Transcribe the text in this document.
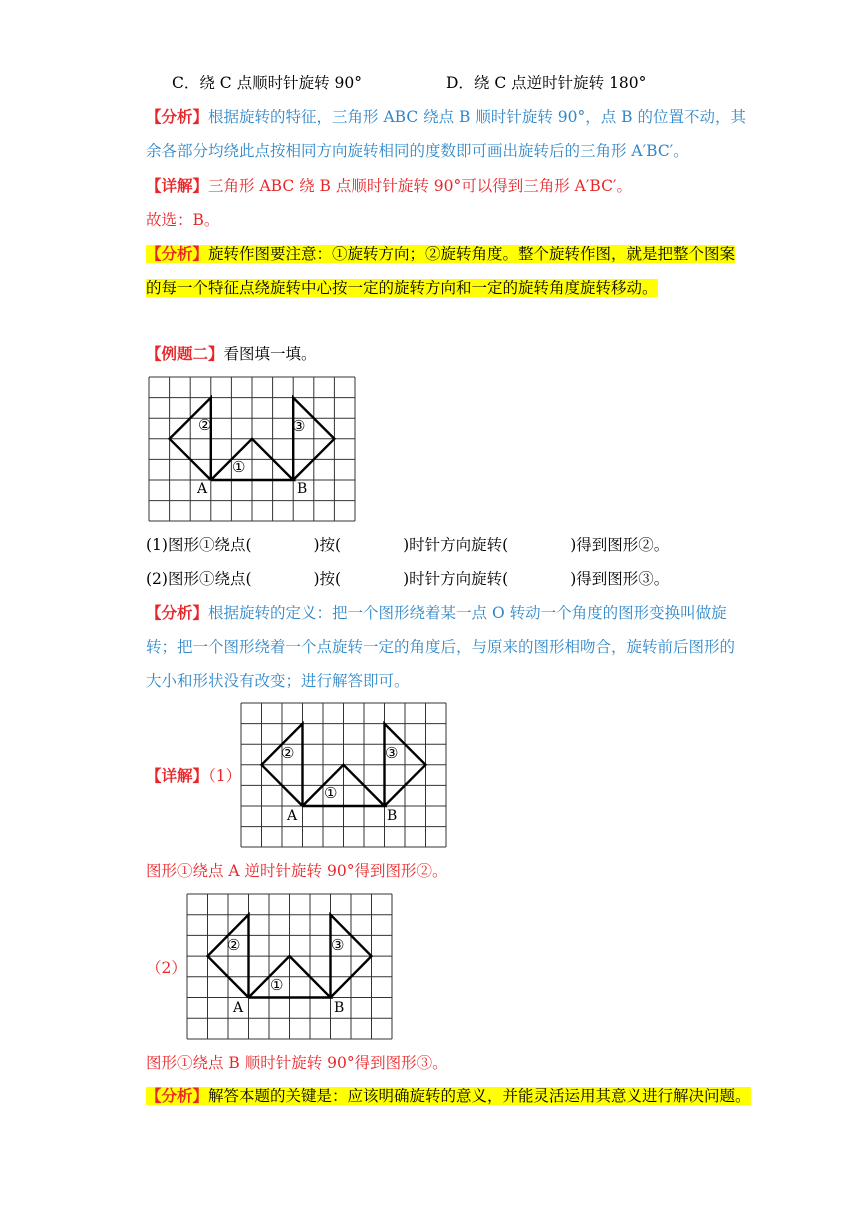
C．绕 C 点顺时针旋转 90°	D．绕 C 点逆时针旋转 180°
【分析】根据旋转的特征，三角形 ABC 绕点 B 顺时针旋转 90°，点 B 的位置不动，其
余各部分均绕此点按相同方向旋转相同的度数即可画出旋转后的三角形 A′BC′。
【详解】三角形 ABC 绕 B 点顺时针旋转 90°可以得到三角形 A′BC′。
故选：B。
【分析】旋转作图要注意：①旋转方向；②旋转角度。整个旋转作图，就是把整个图案
的每一个特征点绕旋转中心按一定的旋转方向和一定的旋转角度旋转移动。
【例题二】看图填一填。
②	③
①
A	B
(1)图形①绕点(　　　　)按(　　　　)时针方向旋转(　　　　)得到图形②。
(2)图形①绕点(　　　　)按(　　　　)时针方向旋转(　　　　)得到图形③。
【分析】根据旋转的定义：把一个图形绕着某一点 O 转动一个角度的图形变换叫做旋
转；把一个图形绕着一个点旋转一定的角度后，与原来的图形相吻合，旋转前后图形的
大小和形状没有改变；进行解答即可。
【详解】（1）
②	③
①
A	B
图形①绕点 A 逆时针旋转 90°得到图形②。
（2）
②	③
①
A	B
图形①绕点 B 顺时针旋转 90°得到图形③。
【分析】解答本题的关键是：应该明确旋转的意义，并能灵活运用其意义进行解决问题。
